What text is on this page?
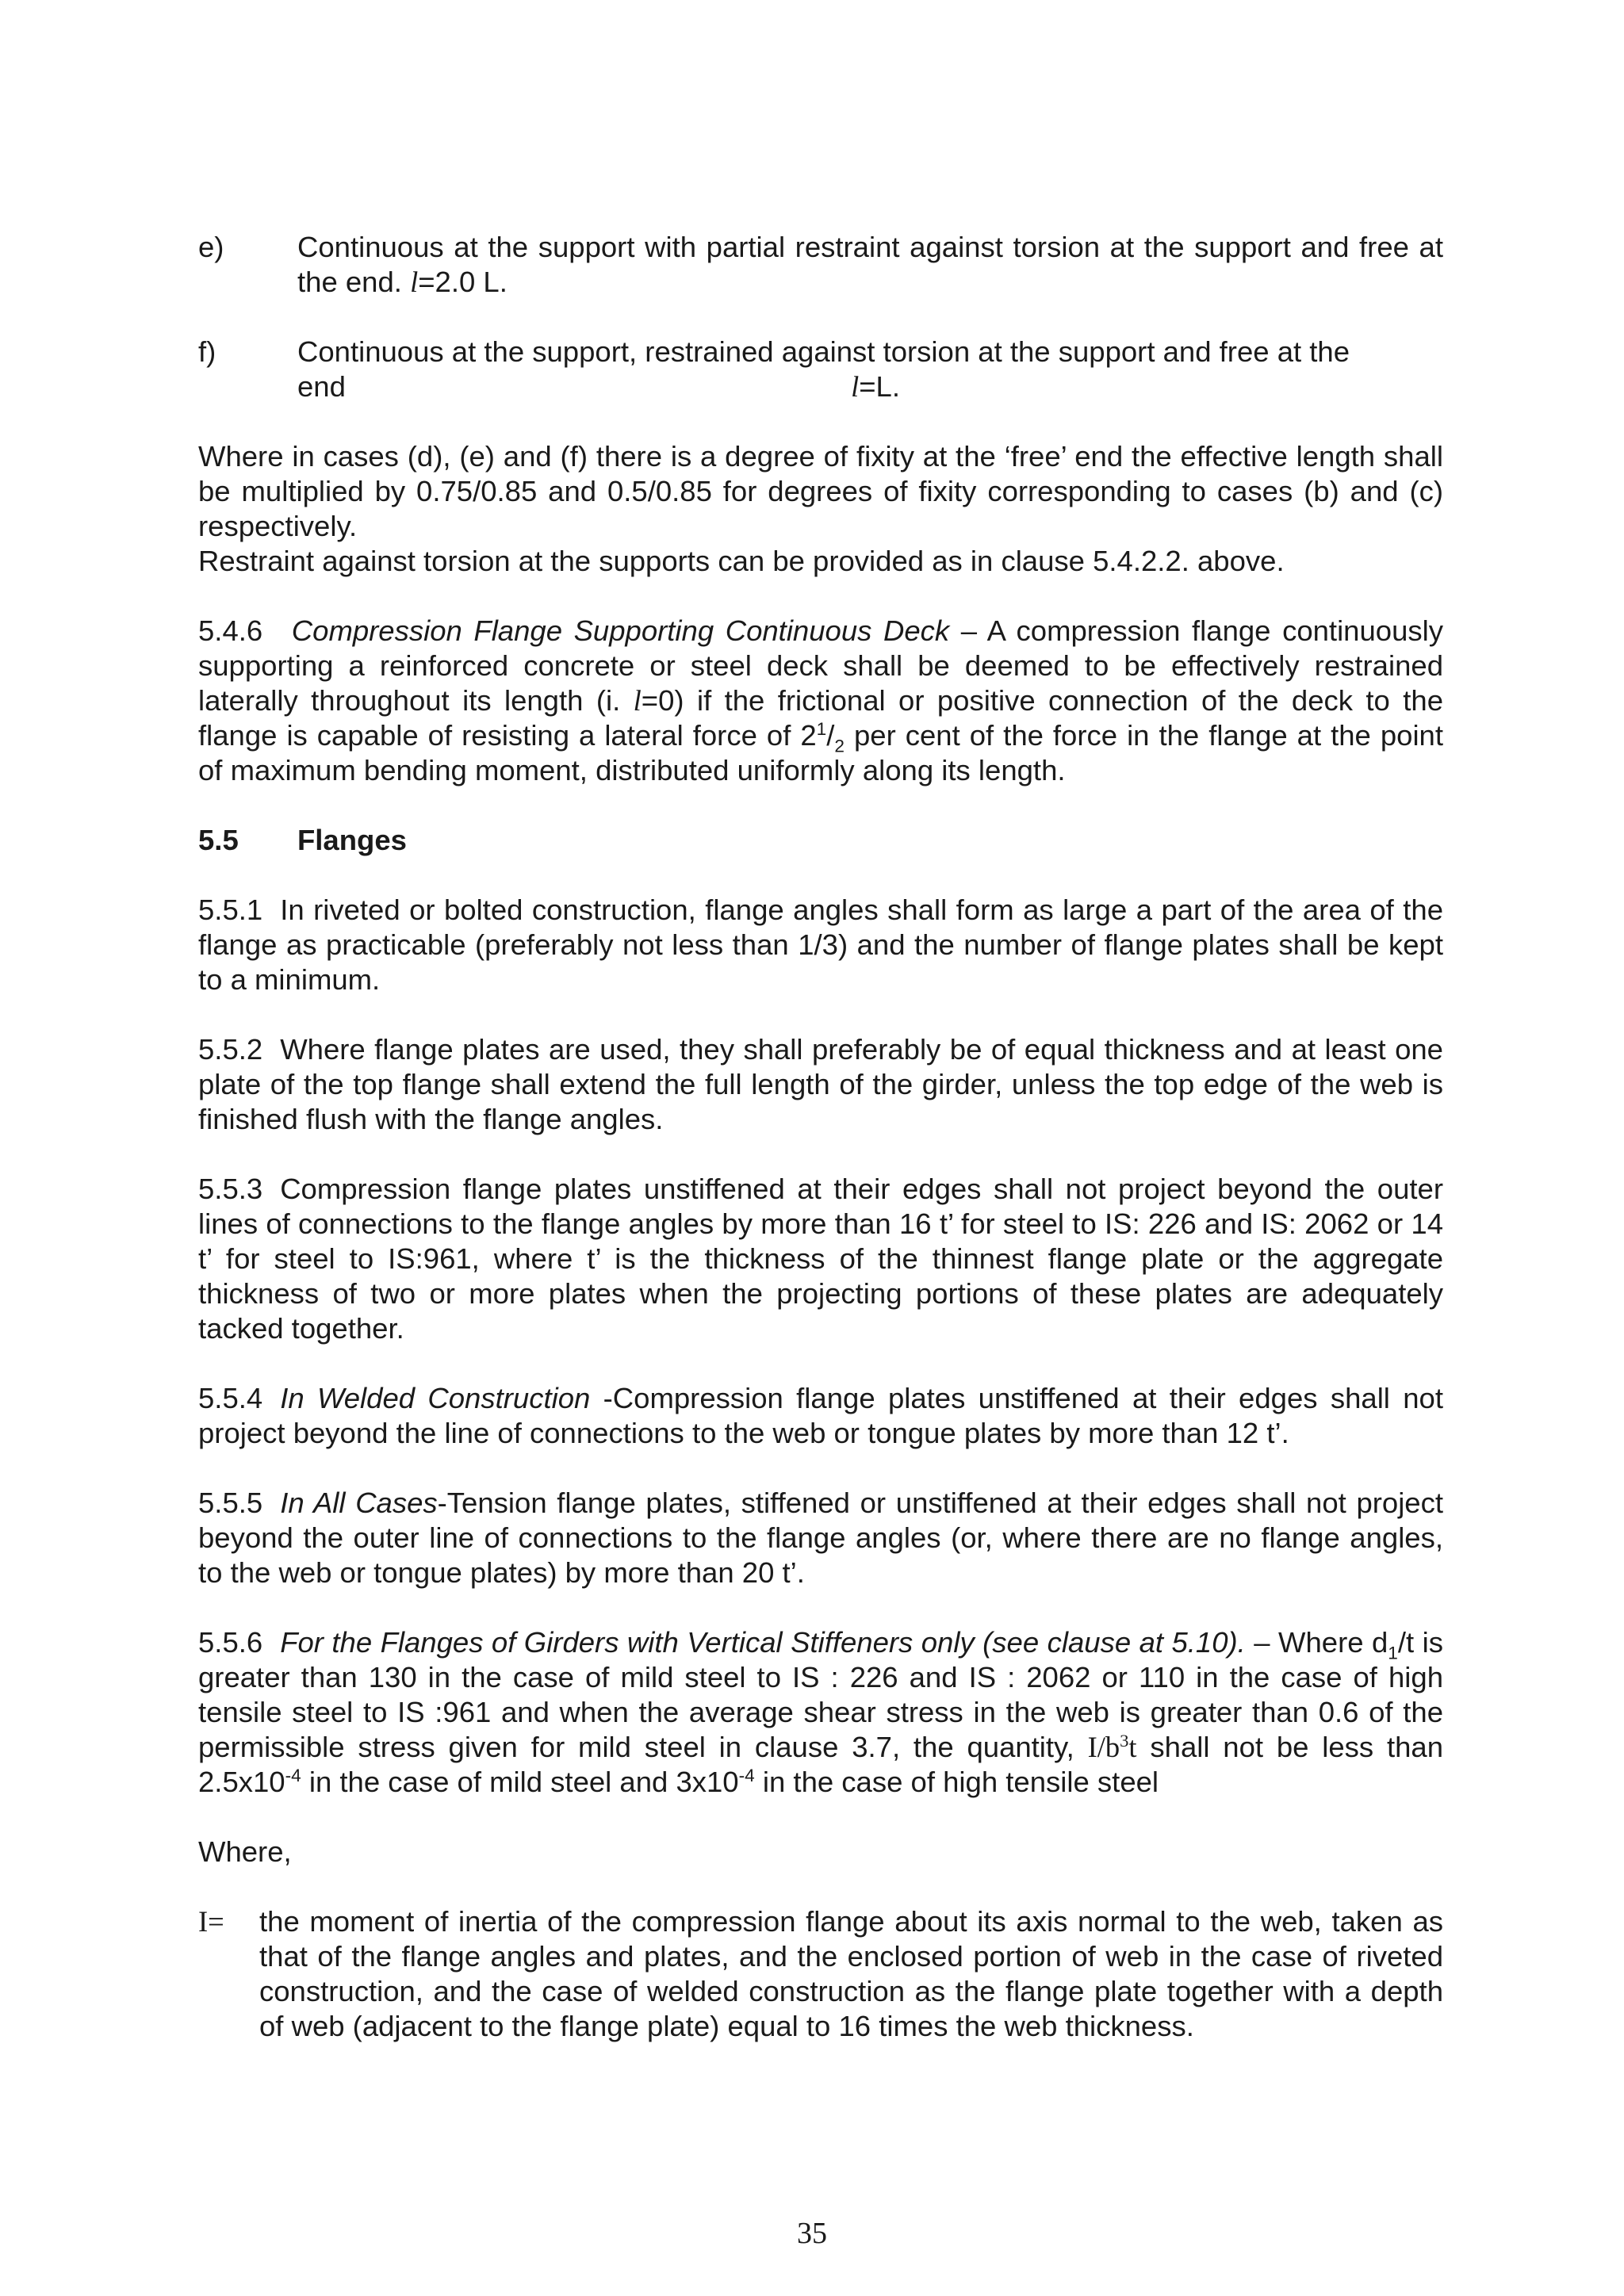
e)	Continuous at the support with partial restraint against torsion at the support and free at the end. l=2.0 L.
f)	Continuous at the support, restrained against torsion at the support and free at the
end	l=L.

Where in cases (d), (e) and (f) there is a degree of fixity at the ‘free’ end the effective length shall be multiplied by 0.75/0.85 and 0.5/0.85 for degrees of fixity corresponding to cases (b) and (c) respectively.

Restraint against torsion at the supports can be provided as in clause 5.4.2.2. above.

5.4.6 Compression Flange Supporting Continuous Deck – A compression flange continuously supporting a reinforced concrete or steel deck shall be deemed to be effectively restrained laterally throughout its length (i. l=0) if the frictional or positive connection of the deck to the flange is capable of resisting a lateral force of $2^1/_2$ per cent of the force in the flange at the point of maximum bending moment, distributed uniformly along its length.

5.5	Flanges

5.5.1 In riveted or bolted construction, flange angles shall form as large a part of the area of the flange as practicable (preferably not less than 1/3) and the number of flange plates shall be kept to a minimum.

5.5.2 Where flange plates are used, they shall preferably be of equal thickness and at least one plate of the top flange shall extend the full length of the girder, unless the top edge of the web is finished flush with the flange angles.

5.5.3 Compression flange plates unstiffened at their edges shall not project beyond the outer lines of connections to the flange angles by more than 16 t’ for steel to IS: 226 and IS: 2062 or 14 t’ for steel to IS:961, where t’ is the thickness of the thinnest flange plate or the aggregate thickness of two or more plates when the projecting portions of these plates are adequately tacked together.

5.5.4 In Welded Construction -Compression flange plates unstiffened at their edges shall not project beyond the line of connections to the web or tongue plates by more than 12 t’.

5.5.5 In All Cases-Tension flange plates, stiffened or unstiffened at their edges shall not project beyond the outer line of connections to the flange angles (or, where there are no flange angles, to the web or tongue plates) by more than 20 t’.

5.5.6 For the Flanges of Girders with Vertical Stiffeners only (see clause at 5.10). – Where $d_1/t$ is greater than 130 in the case of mild steel to IS : 226 and IS : 2062 or 110 in the case of high tensile steel to IS :961 and when the average shear stress in the web is greater than 0.6 of the permissible stress given for mild steel in clause 3.7, the quantity, $I/b^3t$ shall not be less than $2.5x10^{-4}$ in the case of mild steel and $3x10^{-4}$ in the case of high tensile steel

Where,

I=	the moment of inertia of the compression flange about its axis normal to the web, taken as that of the flange angles and plates, and the enclosed portion of web in the case of riveted construction, and the case of welded construction as the flange plate together with a depth of web (adjacent to the flange plate) equal to 16 times the web thickness.
35
